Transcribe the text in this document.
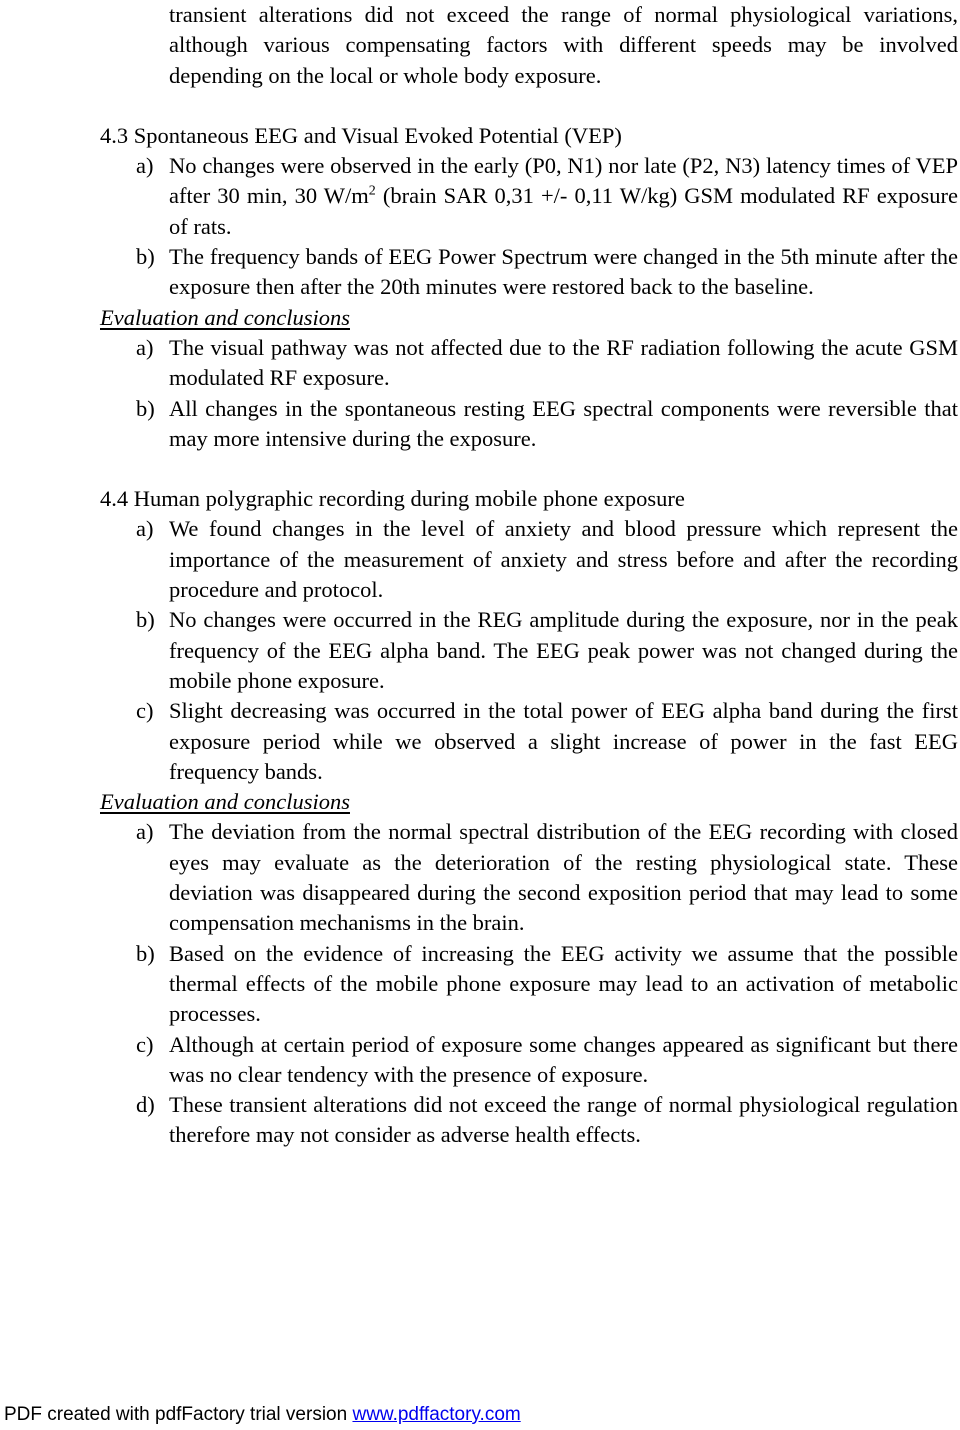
transient alterations did not exceed the range of normal physiological variations, although various compensating factors with different speeds may be involved depending on the local or whole body exposure.
4.3 Spontaneous EEG and Visual Evoked Potential (VEP)
a) No changes were observed in the early (P0, N1) nor late (P2, N3) latency times of VEP after 30 min, 30 $W/m^2$ (brain SAR 0,31 +/- 0,11 W/kg) GSM modulated RF exposure of rats.
b) The frequency bands of EEG Power Spectrum were changed in the 5th minute after the exposure then after the 20th minutes were restored back to the baseline.
Evaluation and conclusions
a) The visual pathway was not affected due to the RF radiation following the acute GSM modulated RF exposure.
b) All changes in the spontaneous resting EEG spectral components were reversible that may more intensive during the exposure.
4.4 Human polygraphic recording during mobile phone exposure
a) We found changes in the level of anxiety and blood pressure which represent the importance of the measurement of anxiety and stress before and after the recording procedure and protocol.
b) No changes were occurred in the REG amplitude during the exposure, nor in the peak frequency of the EEG alpha band. The EEG peak power was not changed during the mobile phone exposure.
c) Slight decreasing was occurred in the total power of EEG alpha band during the first exposure period while we observed a slight increase of power in the fast EEG frequency bands.
Evaluation and conclusions
a) The deviation from the normal spectral distribution of the EEG recording with closed eyes may evaluate as the deterioration of the resting physiological state. These deviation was disappeared during the second exposition period that may lead to some compensation mechanisms in the brain.
b) Based on the evidence of increasing the EEG activity we assume that the possible thermal effects of the mobile phone exposure may lead to an activation of metabolic processes.
c) Although at certain period of exposure some changes appeared as significant but there was no clear tendency with the presence of exposure.
d) These transient alterations did not exceed the range of normal physiological regulation therefore may not consider as adverse health effects.
PDF created with pdfFactory trial version www.pdffactory.com
